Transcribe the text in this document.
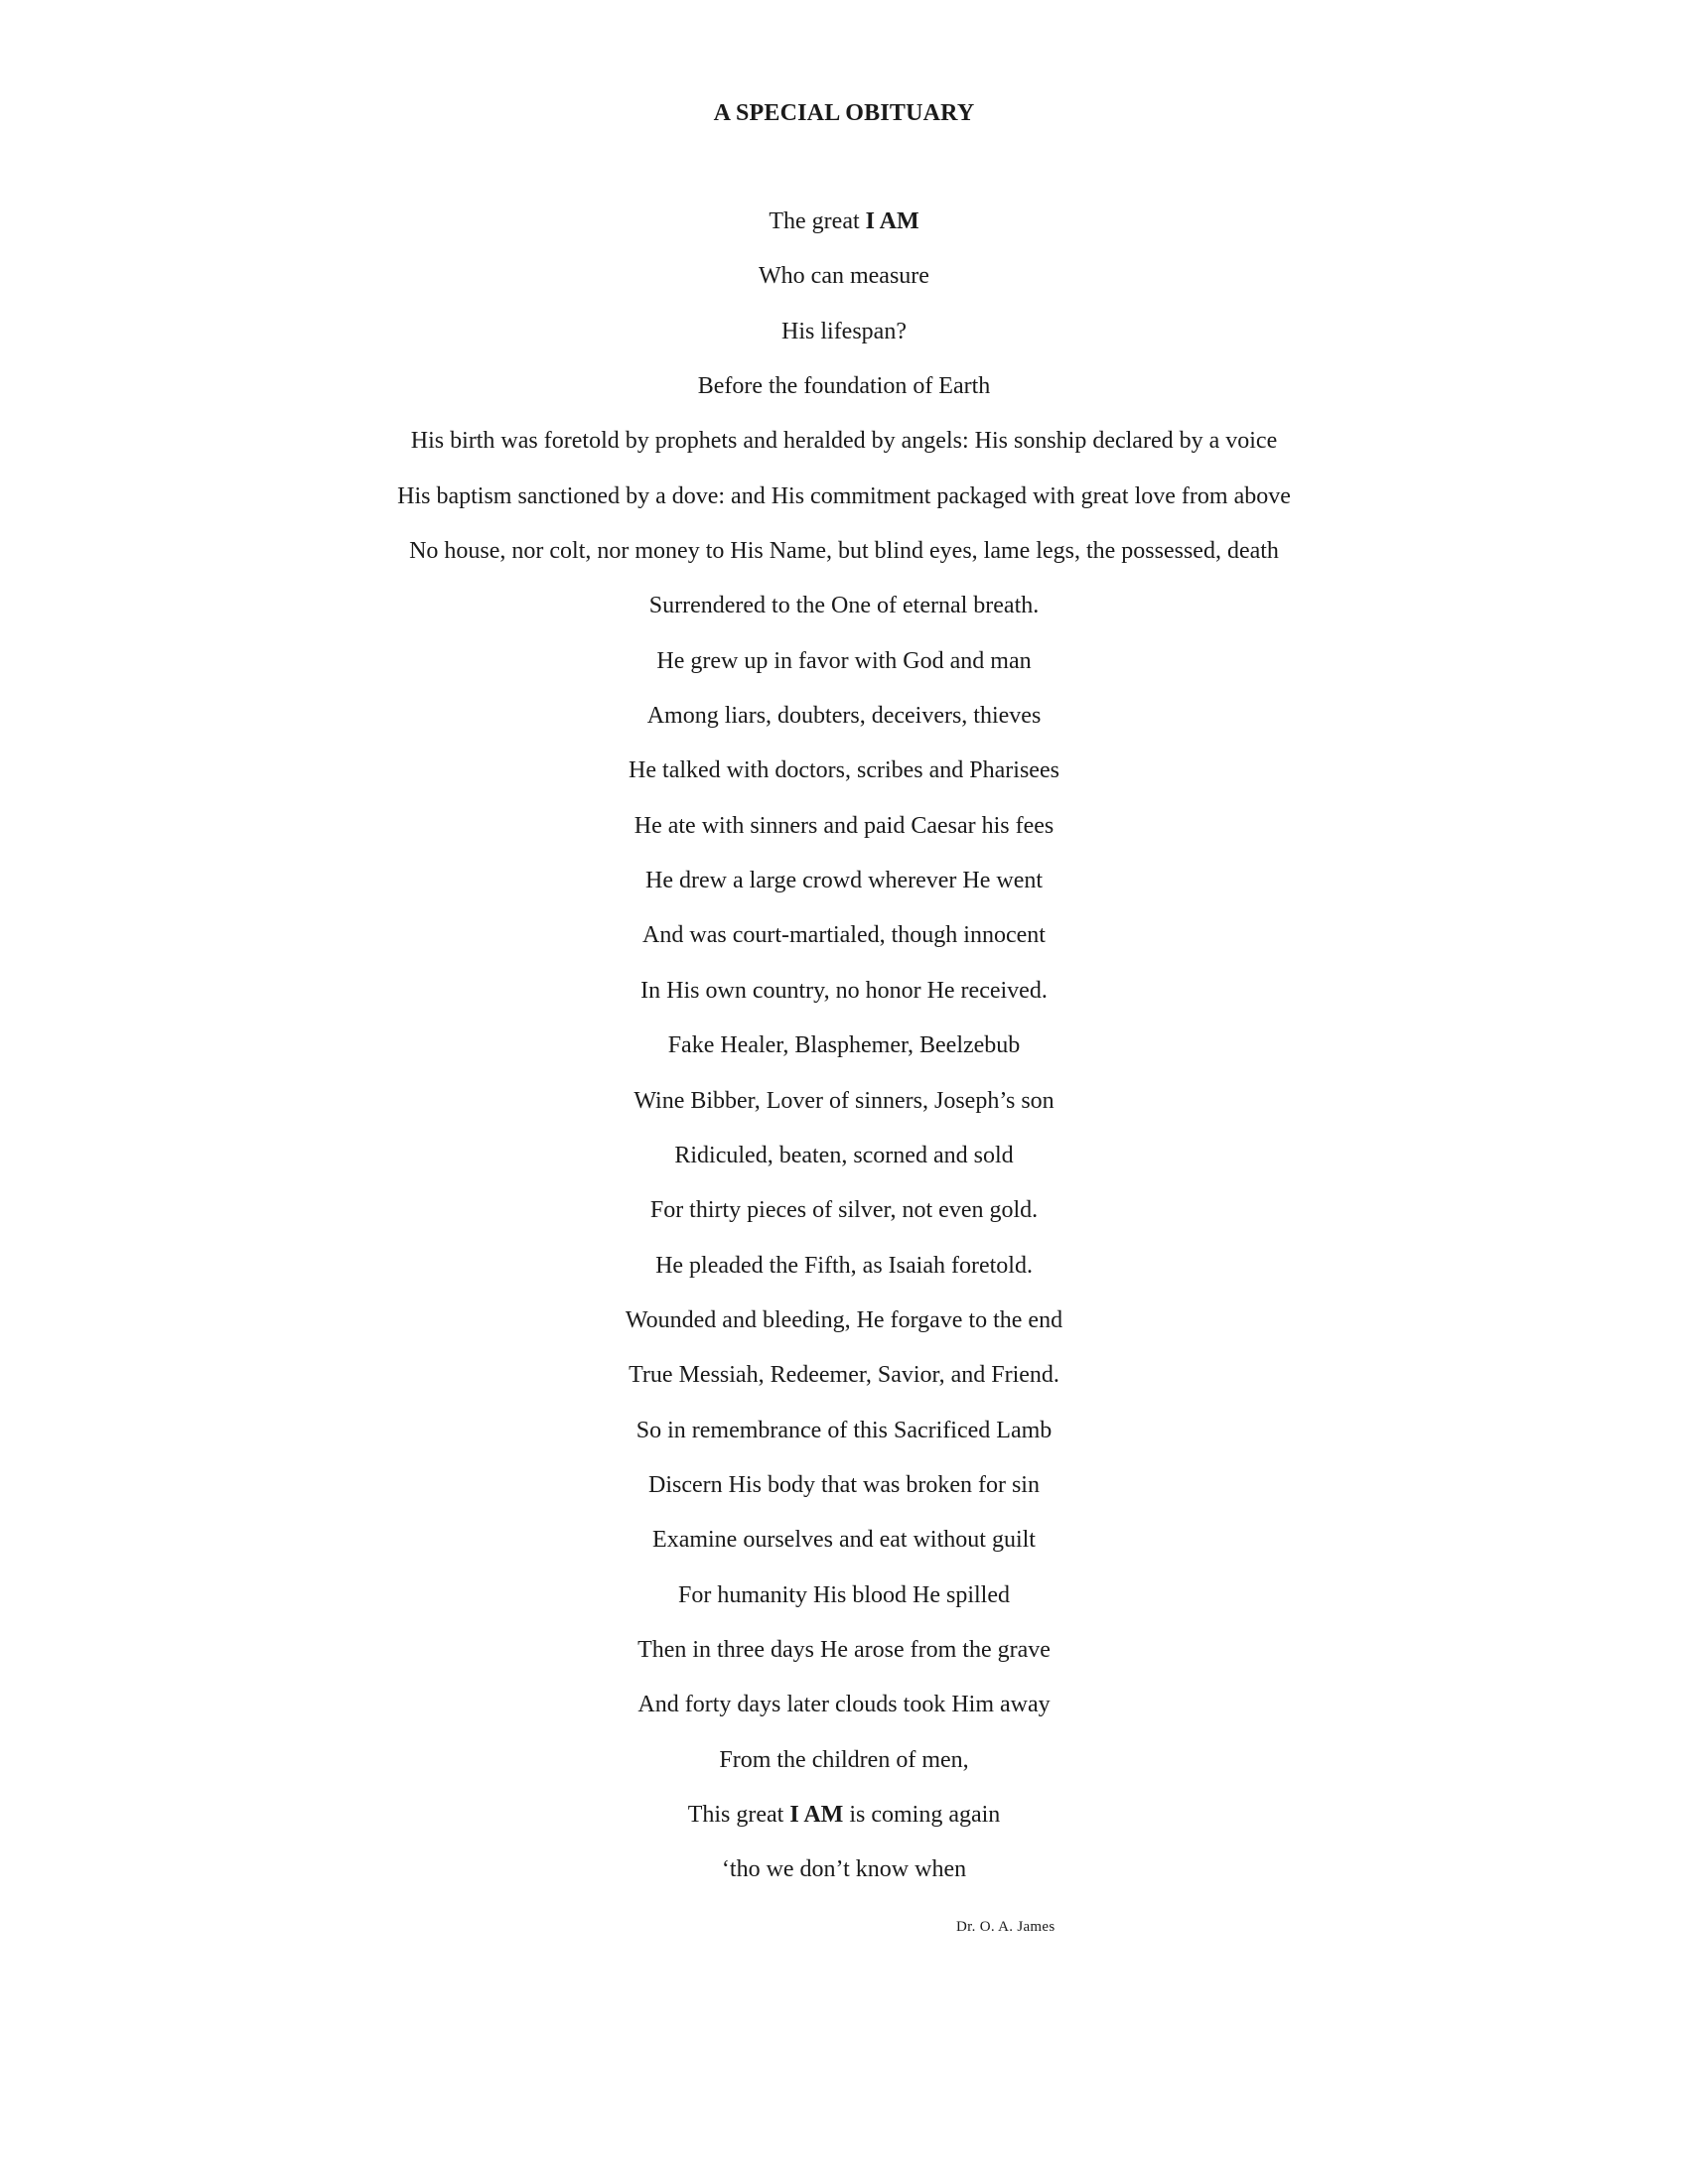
A SPECIAL OBITUARY
The great I AM
Who can measure
His lifespan?
Before the foundation of Earth
His birth was foretold by prophets and heralded by angels: His sonship declared by a voice
His baptism sanctioned by a dove: and His commitment packaged with great love from above
No house, nor colt, nor money to His Name, but blind eyes, lame legs, the possessed, death
Surrendered to the One of eternal breath.
He grew up in favor with God and man
Among liars, doubters, deceivers, thieves
He talked with doctors, scribes and Pharisees
He ate with sinners and paid Caesar his fees
He drew a large crowd wherever He went
And was court-martialed, though innocent
In His own country, no honor He received.
Fake Healer, Blasphemer, Beelzebub
Wine Bibber, Lover of sinners, Joseph’s son
Ridiculed, beaten, scorned and sold
For thirty pieces of silver, not even gold.
He pleaded the Fifth, as Isaiah foretold.
Wounded and bleeding, He forgave to the end
True Messiah, Redeemer, Savior, and Friend.
So in remembrance of this Sacrificed Lamb
Discern His body that was broken for sin
Examine ourselves and eat without guilt
For humanity His blood He spilled
Then in three days He arose from the grave
And forty days later clouds took Him away
From the children of men,
This great I AM is coming again
‘tho we don’t know when
Dr. O. A. James
